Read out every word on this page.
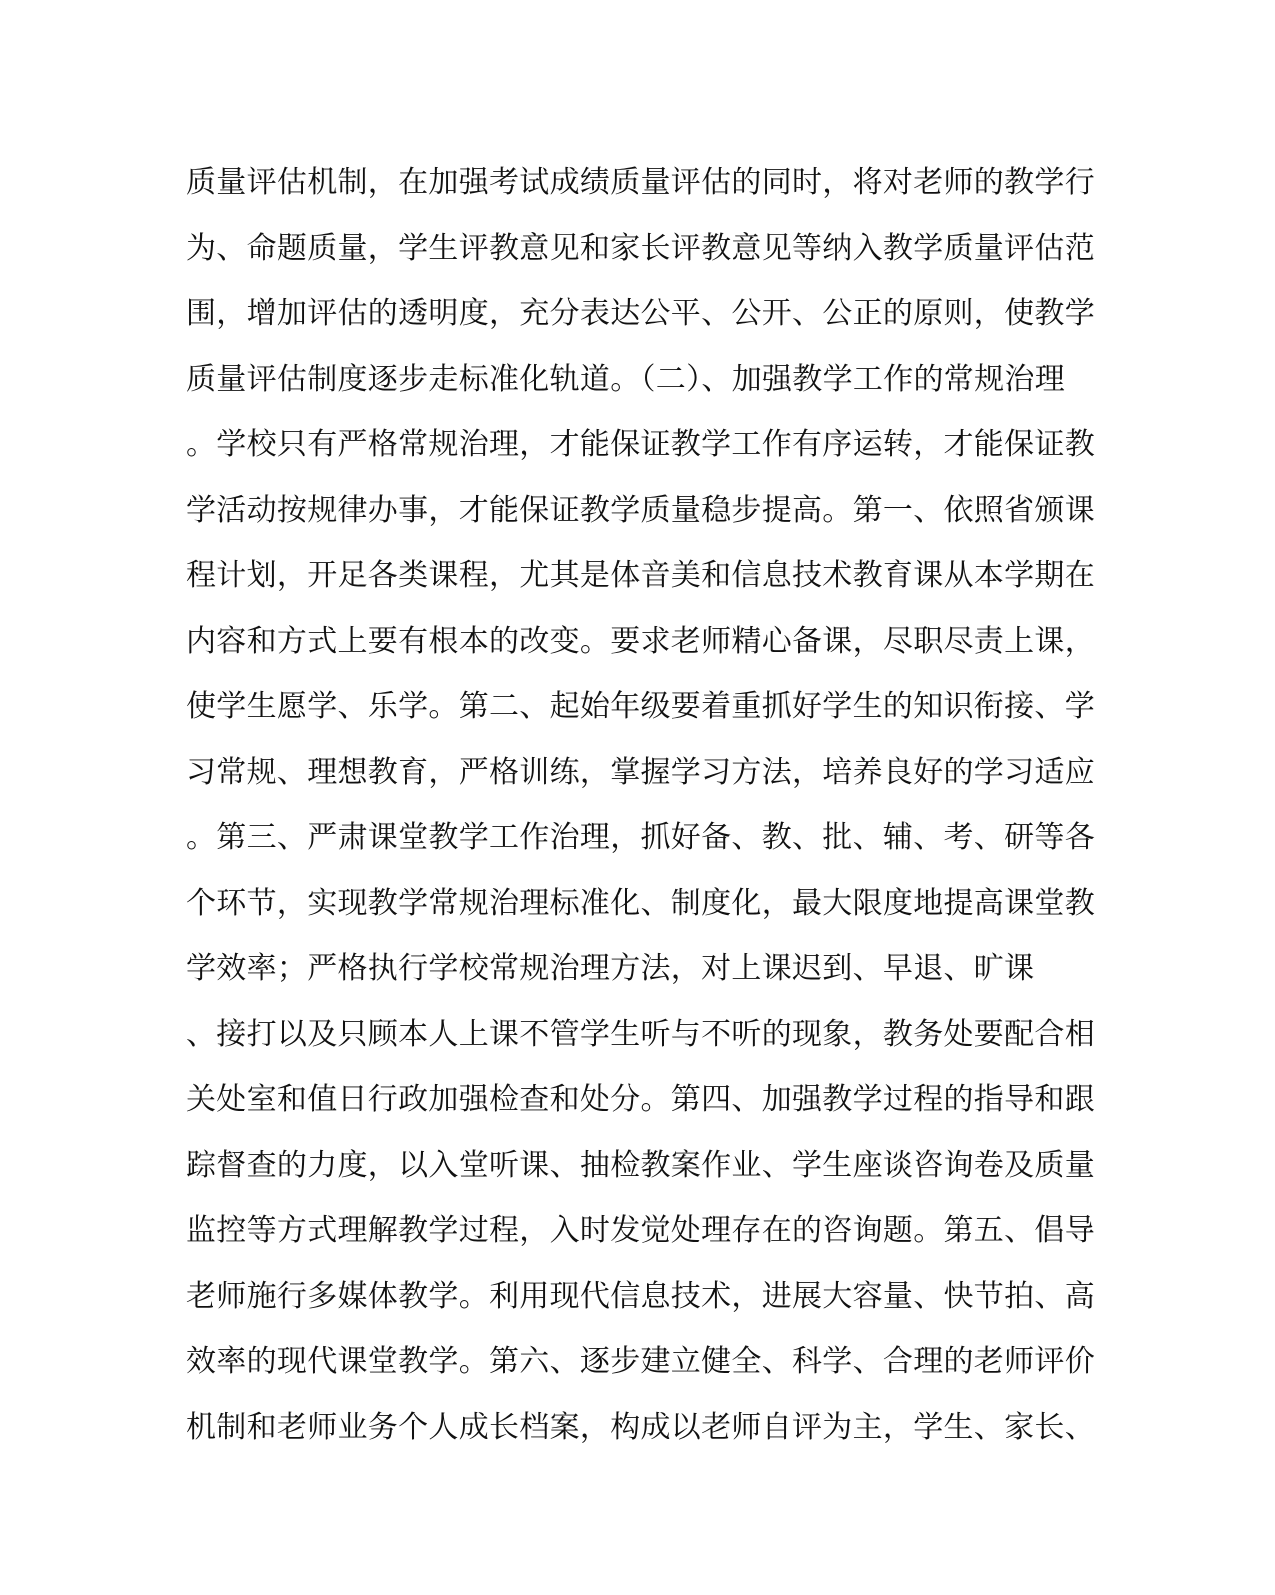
质量评估机制，在加强考试成绩质量评估的同时，将对老师的教学行
为、命题质量，学生评教意见和家长评教意见等纳入教学质量评估范
围，增加评估的透明度，充分表达公平、公开、公正的原则，使教学
质量评估制度逐步走标准化轨道。（二）、加强教学工作的常规治理
。学校只有严格常规治理，才能保证教学工作有序运转，才能保证教
学活动按规律办事，才能保证教学质量稳步提高。第一、依照省颁课
程计划，开足各类课程，尤其是体音美和信息技术教育课从本学期在
内容和方式上要有根本的改变。要求老师精心备课，尽职尽责上课，
使学生愿学、乐学。第二、起始年级要着重抓好学生的知识衔接、学
习常规、理想教育，严格训练，掌握学习方法，培养良好的学习适应
。第三、严肃课堂教学工作治理，抓好备、教、批、辅、考、研等各
个环节，实现教学常规治理标准化、制度化，最大限度地提高课堂教
学效率；严格执行学校常规治理方法，对上课迟到、早退、旷课
、接打以及只顾本人上课不管学生听与不听的现象，教务处要配合相
关处室和值日行政加强检查和处分。第四、加强教学过程的指导和跟
踪督查的力度，以入堂听课、抽检教案作业、学生座谈咨询卷及质量
监控等方式理解教学过程，入时发觉处理存在的咨询题。第五、倡导
老师施行多媒体教学。利用现代信息技术，进展大容量、快节拍、高
效率的现代课堂教学。第六、逐步建立健全、科学、合理的老师评价
机制和老师业务个人成长档案，构成以老师自评为主，学生、家长、
